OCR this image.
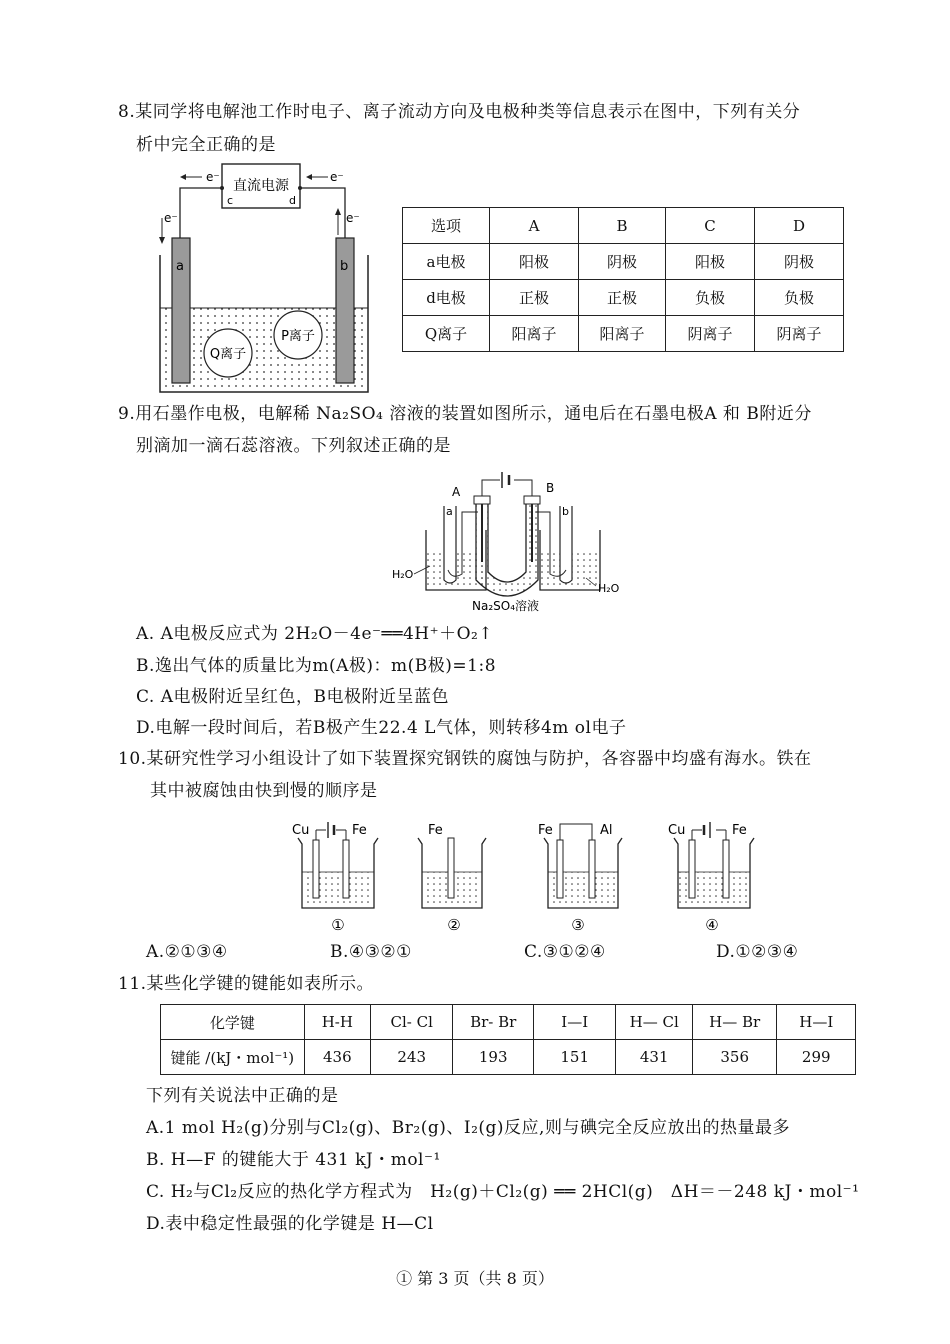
8.某同学将电解池工作时电子、离子流动方向及电极种类等信息表示在图中，下列有关分
析中完全正确的是
直流电源
c	d
e⁻	e⁻
e⁻	e⁻
a	b
Q离子
P离子
选项	A	B	C	D
a电极	阳极	阴极	阳极	阴极
d电极	正极	正极	负极	负极
Q离子	阳离子	阳离子	阴离子	阴离子
9.用石墨作电极，电解稀 Na₂SO₄ 溶液的装置如图所示，通电后在石墨电极A 和 B附近分
别滴加一滴石蕊溶液。下列叙述正确的是
A	B
a	b
H₂O
H₂O
Na₂SO₄溶液
A. A电极反应式为 2H₂O－4e⁻══4H⁺＋O₂↑
B.逸出气体的质量比为m(A极)：m(B极)=1:8
C. A电极附近呈红色，B电极附近呈蓝色
D.电解一段时间后，若B极产生22.4 L气体，则转移4m ol电子
10.某研究性学习小组设计了如下装置探究钢铁的腐蚀与防护，各容器中均盛有海水。铁在
其中被腐蚀由快到慢的顺序是
Cu	Fe
①
Fe
②
Fe	Al
③
Cu	Fe
④
A.②①③④	B.④③②①	C.③①②④	D.①②③④
11.某些化学键的键能如表所示。
化学键	H-H	Cl- Cl	Br- Br	I—I	H— Cl	H— Br	H—I
键能 /(kJ・mol⁻¹)	436	243	193	151	431	356	299
下列有关说法中正确的是
A.1 mol H₂(g)分别与Cl₂(g)、Br₂(g)、I₂(g)反应,则与碘完全反应放出的热量最多
B. H—F 的键能大于 431 kJ・mol⁻¹
C. H₂与Cl₂反应的热化学方程式为　H₂(g)＋Cl₂(g) ══ 2HCl(g)　ΔH＝－248 kJ・mol⁻¹
D.表中稳定性最强的化学键是 H—Cl
① 第 3 页（共 8 页）
